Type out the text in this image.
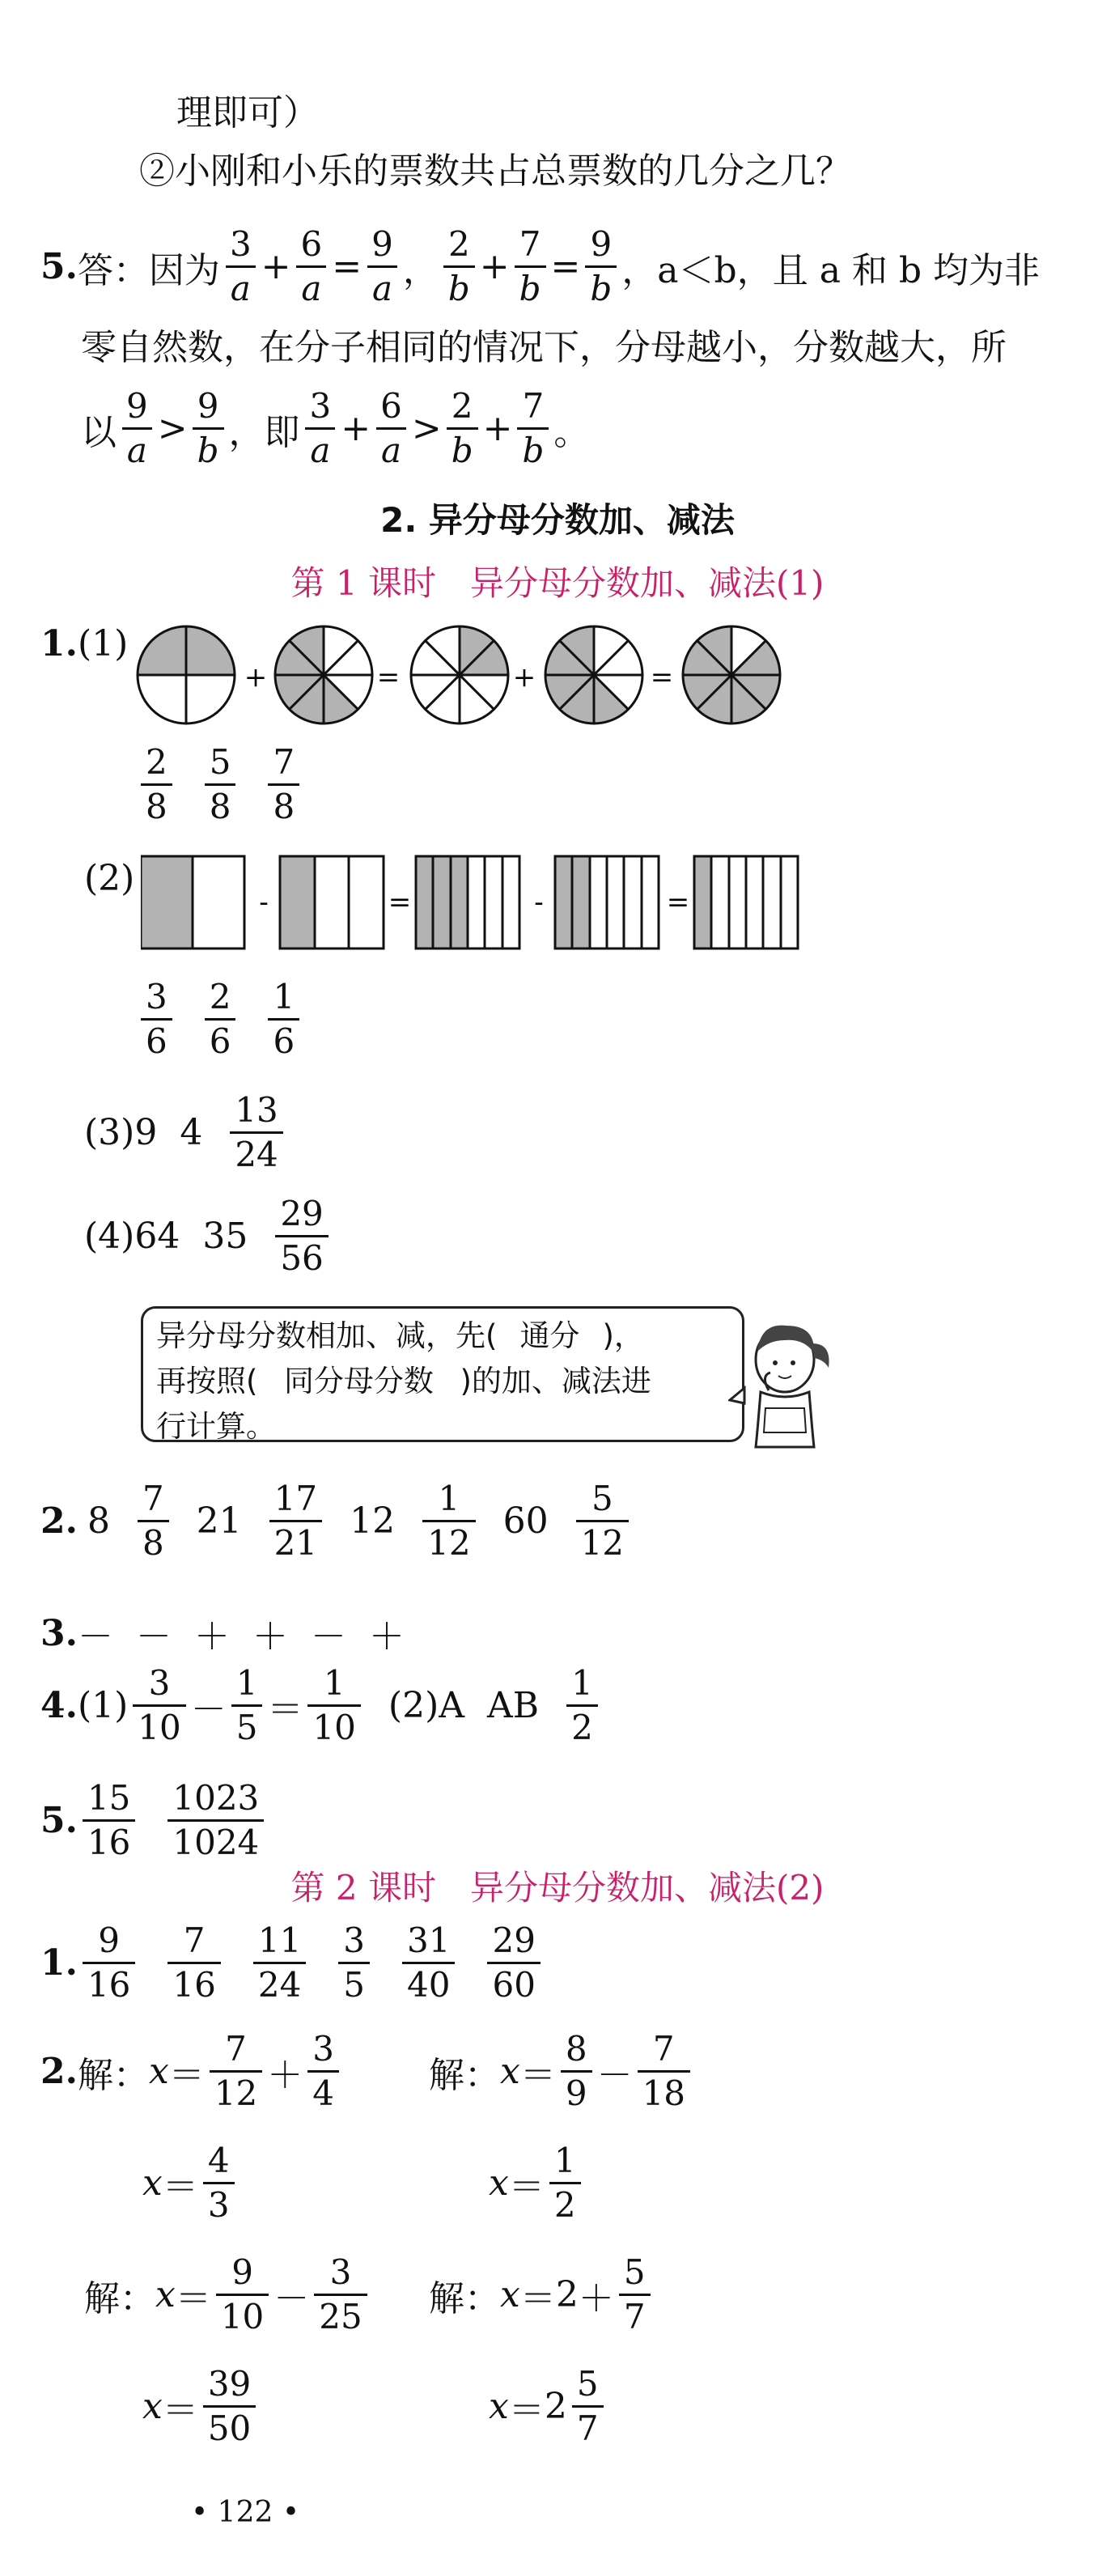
理即可）
②小刚和小乐的票数共占总票数的几分之几？
5. 答：因为 $\frac{3}{a} + \frac{6}{a} = \frac{9}{a}$ ， $\frac{2}{b} + \frac{7}{b} = \frac{9}{b}$ ，a＜b，且 a 和 b 均为非
零自然数，在分子相同的情况下，分母越小，分数越大，所
以 $\frac{9}{a} > \frac{9}{b}$ ，即 $\frac{3}{a} + \frac{6}{a} > \frac{2}{b} + \frac{7}{b}$ 。
2. 异分母分数加、减法
第 1 课时　异分母分数加、减法(1)
1.(1)
+	=	+	=
$\frac{2}{8} \frac{5}{8} \frac{7}{8}$
(2)
-	=	-	=
$\frac{3}{6} \frac{2}{6} \frac{1}{6}$
(3)9 $4 \frac{13}{24}$
(4)64 $35 \frac{29}{56}$
异分母分数相加、减，先( 通分 )，
再按照( 同分母分数 )的加、减法进
行计算。
2. $8 \frac{7}{8} 21 \frac{17}{21} 12 \frac{1}{12} 60 \frac{5}{12}$
3. － － ＋ ＋ － ＋
4. $(1) \frac{3}{10} - \frac{1}{5} = \frac{1}{10} (2)A$ AB $\frac{1}{2}$
5. $\frac{15}{16} \frac{1023}{1024}$
第 2 课时　异分母分数加、减法(2)
1. $\frac{9}{16} \frac{7}{16} \frac{11}{24} \frac{3}{5} \frac{31}{40} \frac{29}{60}$
2. 解： $x = \frac{7}{12} + \frac{3}{4}$	解： $x = \frac{8}{9} - \frac{7}{18}$
$x = \frac{4}{3}$	$x = \frac{1}{2}$
解： $x = \frac{9}{10} - \frac{3}{25}$ 解： $x = 2 + \frac{5}{7}$
$x = \frac{39}{50}$	$x = 2 \frac{5}{7}$
• 122 •
